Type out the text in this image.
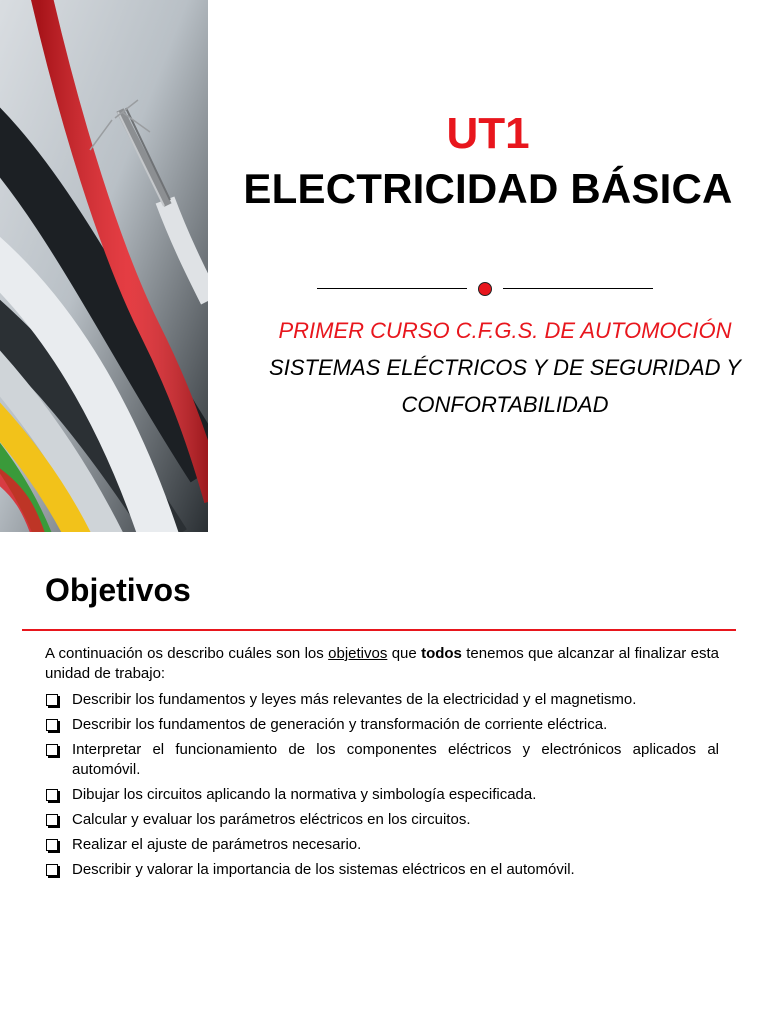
UT1
ELECTRICIDAD BÁSICA
PRIMER CURSO C.F.G.S. DE AUTOMOCIÓN
SISTEMAS ELÉCTRICOS Y DE SEGURIDAD Y
CONFORTABILIDAD
Objetivos

A continuación os describo cuáles son los objetivos que todos tenemos que alcanzar al finalizar esta unidad de trabajo:

Describir los fundamentos y leyes más relevantes de la electricidad y el magnetismo.
Describir los fundamentos de generación y transformación de corriente eléctrica.
Interpretar el funcionamiento de los componentes eléctricos y electrónicos aplicados al automóvil.
Dibujar los circuitos aplicando la normativa y simbología especificada.
Calcular y evaluar los parámetros eléctricos en los circuitos.
Realizar el ajuste de parámetros necesario.
Describir y valorar la importancia de los sistemas eléctricos en el automóvil.
